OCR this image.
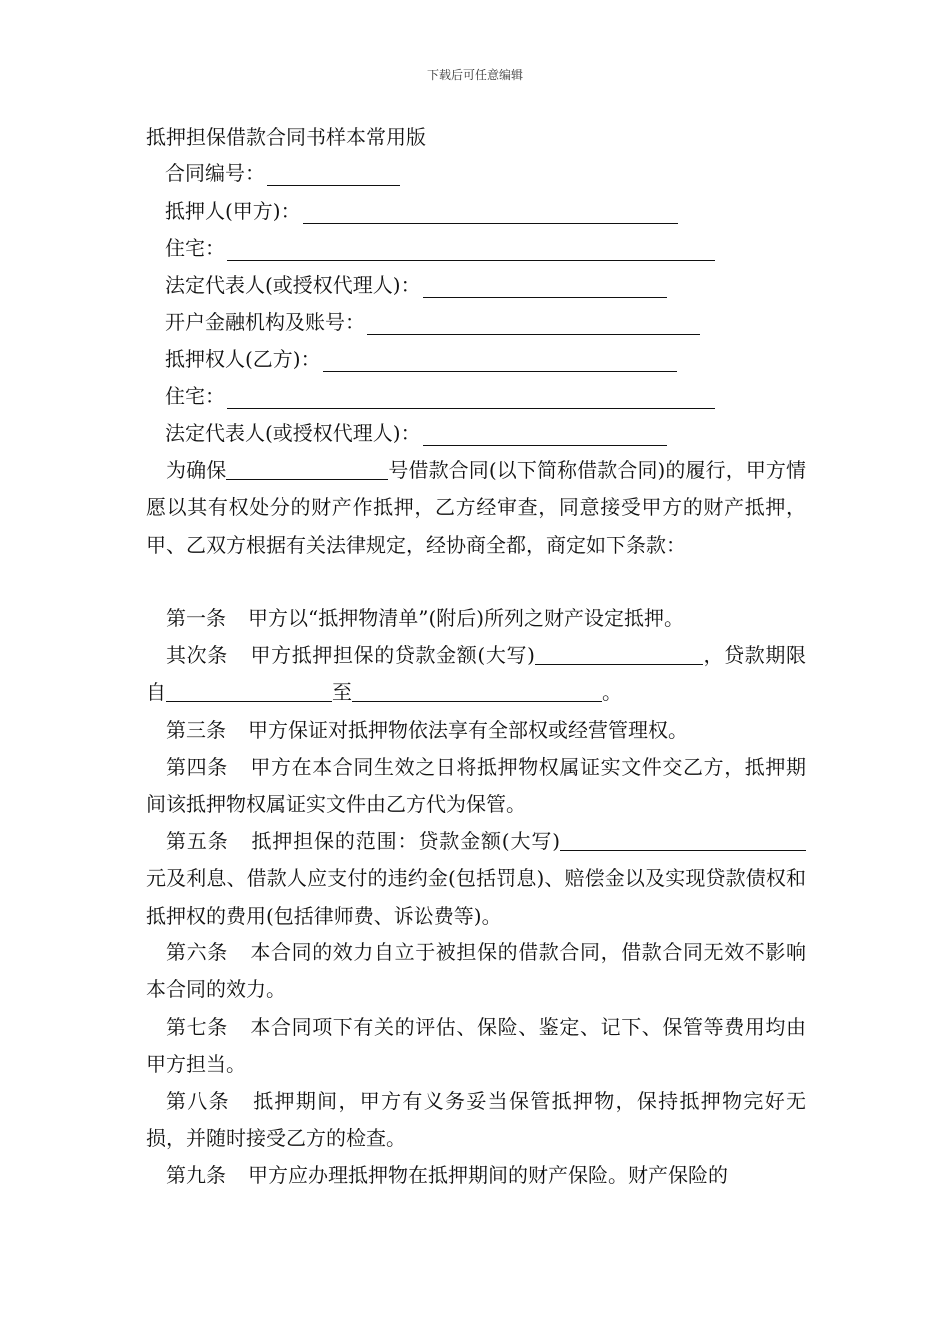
下载后可任意编辑
抵押担保借款合同书样本常用版
合同编号：
抵押人(甲方)：
住宅：
法定代表人(或授权代理人)：
开户金融机构及账号：
抵押权人(乙方)：
住宅：
法定代表人(或授权代理人)：
为确保	号借款合同(以下简称借款合同)的履行，甲方情愿以其有权处分的财产作抵押，乙方经审查，同意接受甲方的财产抵押，甲、乙双方根据有关法律规定，经协商全都，商定如下条款：
第一条 甲方以“抵押物清单”(附后)所列之财产设定抵押。
其次条 甲方抵押担保的贷款金额(大写)	，贷款期限自	至	。
第三条 甲方保证对抵押物依法享有全部权或经营管理权。
第四条 甲方在本合同生效之日将抵押物权属证实文件交乙方，抵押期间该抵押物权属证实文件由乙方代为保管。
第五条 抵押担保的范围：贷款金额(大写)元及利息、借款人应支付的违约金(包括罚息)、赔偿金以及实现贷款债权和抵押权的费用(包括律师费、诉讼费等)。
第六条 本合同的效力自立于被担保的借款合同，借款合同无效不影响本合同的效力。
第七条 本合同项下有关的评估、保险、鉴定、记下、保管等费用均由甲方担当。
第八条 抵押期间，甲方有义务妥当保管抵押物，保持抵押物完好无损，并随时接受乙方的检查。
第九条 甲方应办理抵押物在抵押期间的财产保险。财产保险的
